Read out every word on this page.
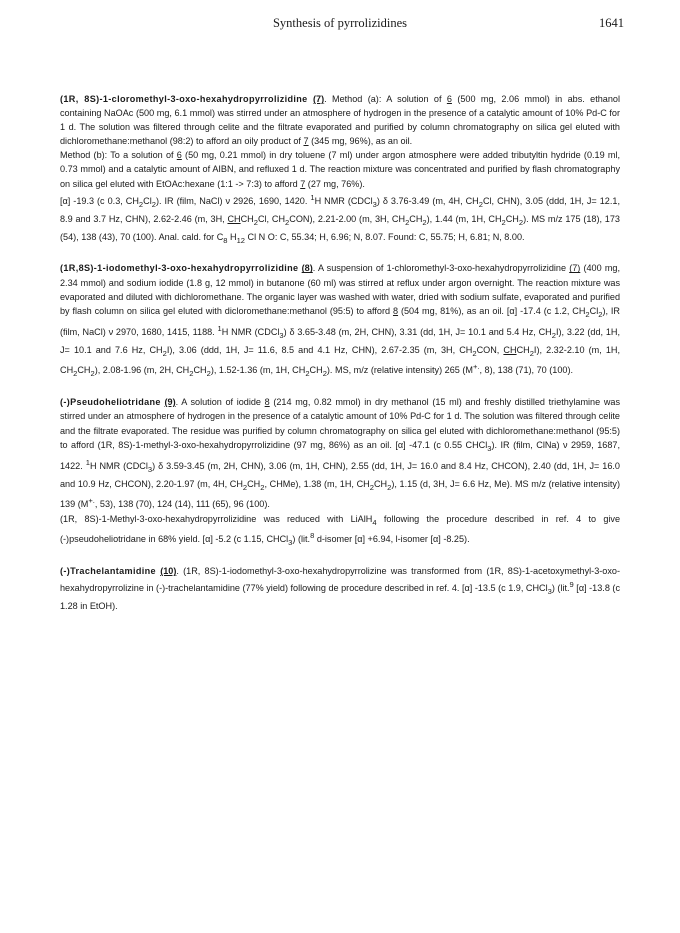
Synthesis of pyrrolizidines	1641

(1R, 8S)-1-cloromethyl-3-oxo-hexahydropyrrolizidine (7). Method (a): A solution of 6 (500 mg, 2.06 mmol) in abs. ethanol containing NaOAc (500 mg, 6.1 mmol) was stirred under an atmosphere of hydrogen in the presence of a catalytic amount of 10% Pd-C for 1 d. The solution was filtered through celite and the filtrate evaporated and purified by column chromatography on silica gel eluted with dichloromethane:methanol (98:2) to afford an oily product of 7 (345 mg, 96%), as an oil.

Method (b): To a solution of 6 (50 mg, 0.21 mmol) in dry toluene (7 ml) under argon atmosphere were added tributyltin hydride (0.19 ml, 0.73 mmol) and a catalytic amount of AIBN, and refluxed 1 d. The reaction mixture was concentrated and purified by flash chromatography on silica gel eluted with EtOAc:hexane (1:1 -> 7:3) to afford 7 (27 mg, 76%).

[α] -19.3 (c 0.3, $CH_2Cl_2$). IR (film, NaCl) ν 2926, 1690, 1420. $^1$H NMR (CDCl$_3$) δ 3.76-3.49 (m, 4H, $CH_2Cl$, CHN), 3.05 (ddd, 1H, J= 12.1, 8.9 and 3.7 Hz, CHN), 2.62-2.46 (m, 3H, $CHCH_2Cl$, $CH_2CON$), 2.21-2.00 (m, 3H, $CH_2CH_2$), 1.44 (m, 1H, $CH_2CH_2$). MS m/z 175 (18), 173 (54), 138 (43), 70 (100). Anal. cald. for $C_8$ $H_{12}$ Cl N O: C, 55.34; H, 6.96; N, 8.07. Found: C, 55.75; H, 6.81; N, 8.00.

(1R,8S)-1-iodomethyl-3-oxo-hexahydropyrrolizidine (8). A suspension of 1-chloromethyl-3-oxo-hexahydropyrrolizidine (7) (400 mg, 2.34 mmol) and sodium iodide (1.8 g, 12 mmol) in butanone (60 ml) was stirred at reflux under argon overnight. The reaction mixture was evaporated and diluted with dichloromethane. The organic layer was washed with water, dried with sodium sulfate, evaporated and purified by flash column on silica gel eluted with dicloromethane:methanol (95:5) to afford 8 (504 mg, 81%), as an oil. [α] -17.4 (c 1.2, $CH_2Cl_2$), IR (film, NaCl) ν 2970, 1680, 1415, 1188. $^1$H NMR (CDCl$_3$) δ 3.65-3.48 (m, 2H, CHN), 3.31 (dd, 1H, J= 10.1 and 5.4 Hz, $CH_2I$), 3.22 (dd, 1H, J= 10.1 and 7.6 Hz, $CH_2I$), 3.06 (ddd, 1H, J= 11.6, 8.5 and 4.1 Hz, CHN), 2.67-2.35 (m, 3H, $CH_2CON$, $CHCH_2I$), 2.32-2.10 (m, 1H, $CH_2CH_2$), 2.08-1.96 (m, 2H, $CH_2CH_2$), 1.52-1.36 (m, 1H, $CH_2CH_2$). MS, m/z (relative intensity) 265 (M+., 8), 138 (71), 70 (100).

(-)Pseudoheliotridane (9). A solution of iodide 8 (214 mg, 0.82 mmol) in dry methanol (15 ml) and freshly distilled triethylamine was stirred under an atmosphere of hydrogen in the presence of a catalytic amount of 10% Pd-C for 1 d. The solution was filtered through celite and the filtrate evaporated. The residue was purified by column chromatography on silica gel eluted with dichloromethane:methanol (95:5) to afford (1R, 8S)-1-methyl-3-oxo-hexahydropyrrolizidine (97 mg, 86%) as an oil. [α] -47.1 (c 0.55 CHCl$_3$). IR (film, ClNa) ν 2959, 1687, 1422. $^1$H NMR (CDCl$_3$) δ 3.59-3.45 (m, 2H, CHN), 3.06 (m, 1H, CHN), 2.55 (dd, 1H, J= 16.0 and 8.4 Hz, CHCON), 2.40 (dd, 1H, J= 16.0 and 10.9 Hz, CHCON), 2.20-1.97 (m, 4H, $CH_2CH_2$, CHMe), 1.38 (m, 1H, $CH_2CH_2$), 1.15 (d, 3H, J= 6.6 Hz, Me). MS m/z (relative intensity) 139 (M+., 53), 138 (70), 124 (14), 111 (65), 96 (100).

(1R, 8S)-1-Methyl-3-oxo-hexahydropyrrolizidine was reduced with LiAlH$_4$ following the procedure described in ref. 4 to give (-)pseudoheliotridane in 68% yield. [α] -5.2 (c 1.15, CHCl$_3$) (lit.$^8$ d-isomer [α] +6.94, l-isomer [α] -8.25).

(-)Trachelantamidine (10). (1R, 8S)-1-iodomethyl-3-oxo-hexahydropyrrolizine was transformed from (1R, 8S)-1-acetoxymethyl-3-oxo-hexahydropyrrolizine in (-)-trachelantamidine (77% yield) following de procedure described in ref. 4. [α] -13.5 (c 1.9, CHCl$_3$) (lit.$^9$ [α] -13.8 (c 1.28 in EtOH).
